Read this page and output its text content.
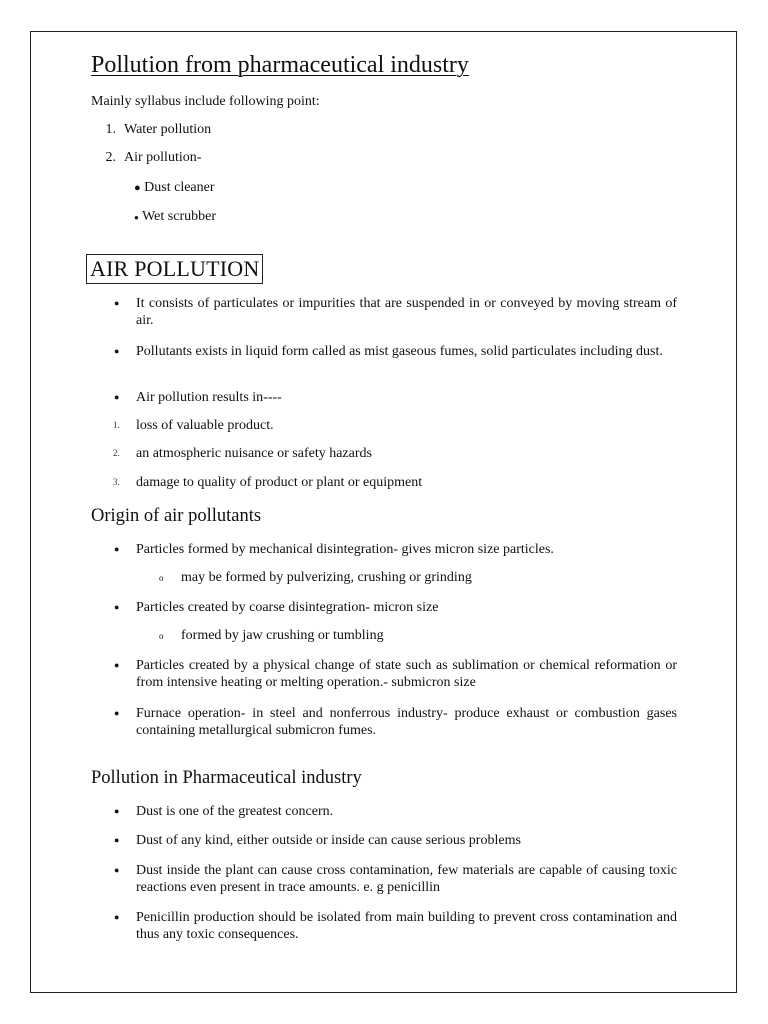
Pollution from pharmaceutical industry
Mainly syllabus include following point:
1. Water pollution
2. Air pollution-
● Dust cleaner
● Wet scrubber
AIR POLLUTION
● It consists of particulates or impurities that are suspended in or conveyed by moving stream of air.
● Pollutants exists in liquid form called as mist gaseous fumes, solid particulates including dust.
● Air pollution results in----
1. loss of valuable product.
2. an atmospheric nuisance or safety hazards
3. damage to quality of product or plant or equipment
Origin of air pollutants
● Particles formed by mechanical disintegration- gives micron size particles.
o may be formed by pulverizing, crushing or grinding
● Particles created by coarse disintegration- micron size
o formed by jaw crushing or tumbling
● Particles created by a physical change of state such as sublimation or chemical reformation or from intensive heating or melting operation.- submicron size
● Furnace operation- in steel and nonferrous industry- produce exhaust or combustion gases containing metallurgical submicron fumes.
Pollution in Pharmaceutical industry
● Dust is one of the greatest concern.
● Dust of any kind, either outside or inside can cause serious problems
● Dust inside the plant can cause cross contamination, few materials are capable of causing toxic reactions even present in trace amounts. e. g penicillin
● Penicillin production should be isolated from main building to prevent cross contamination and thus any toxic consequences.
